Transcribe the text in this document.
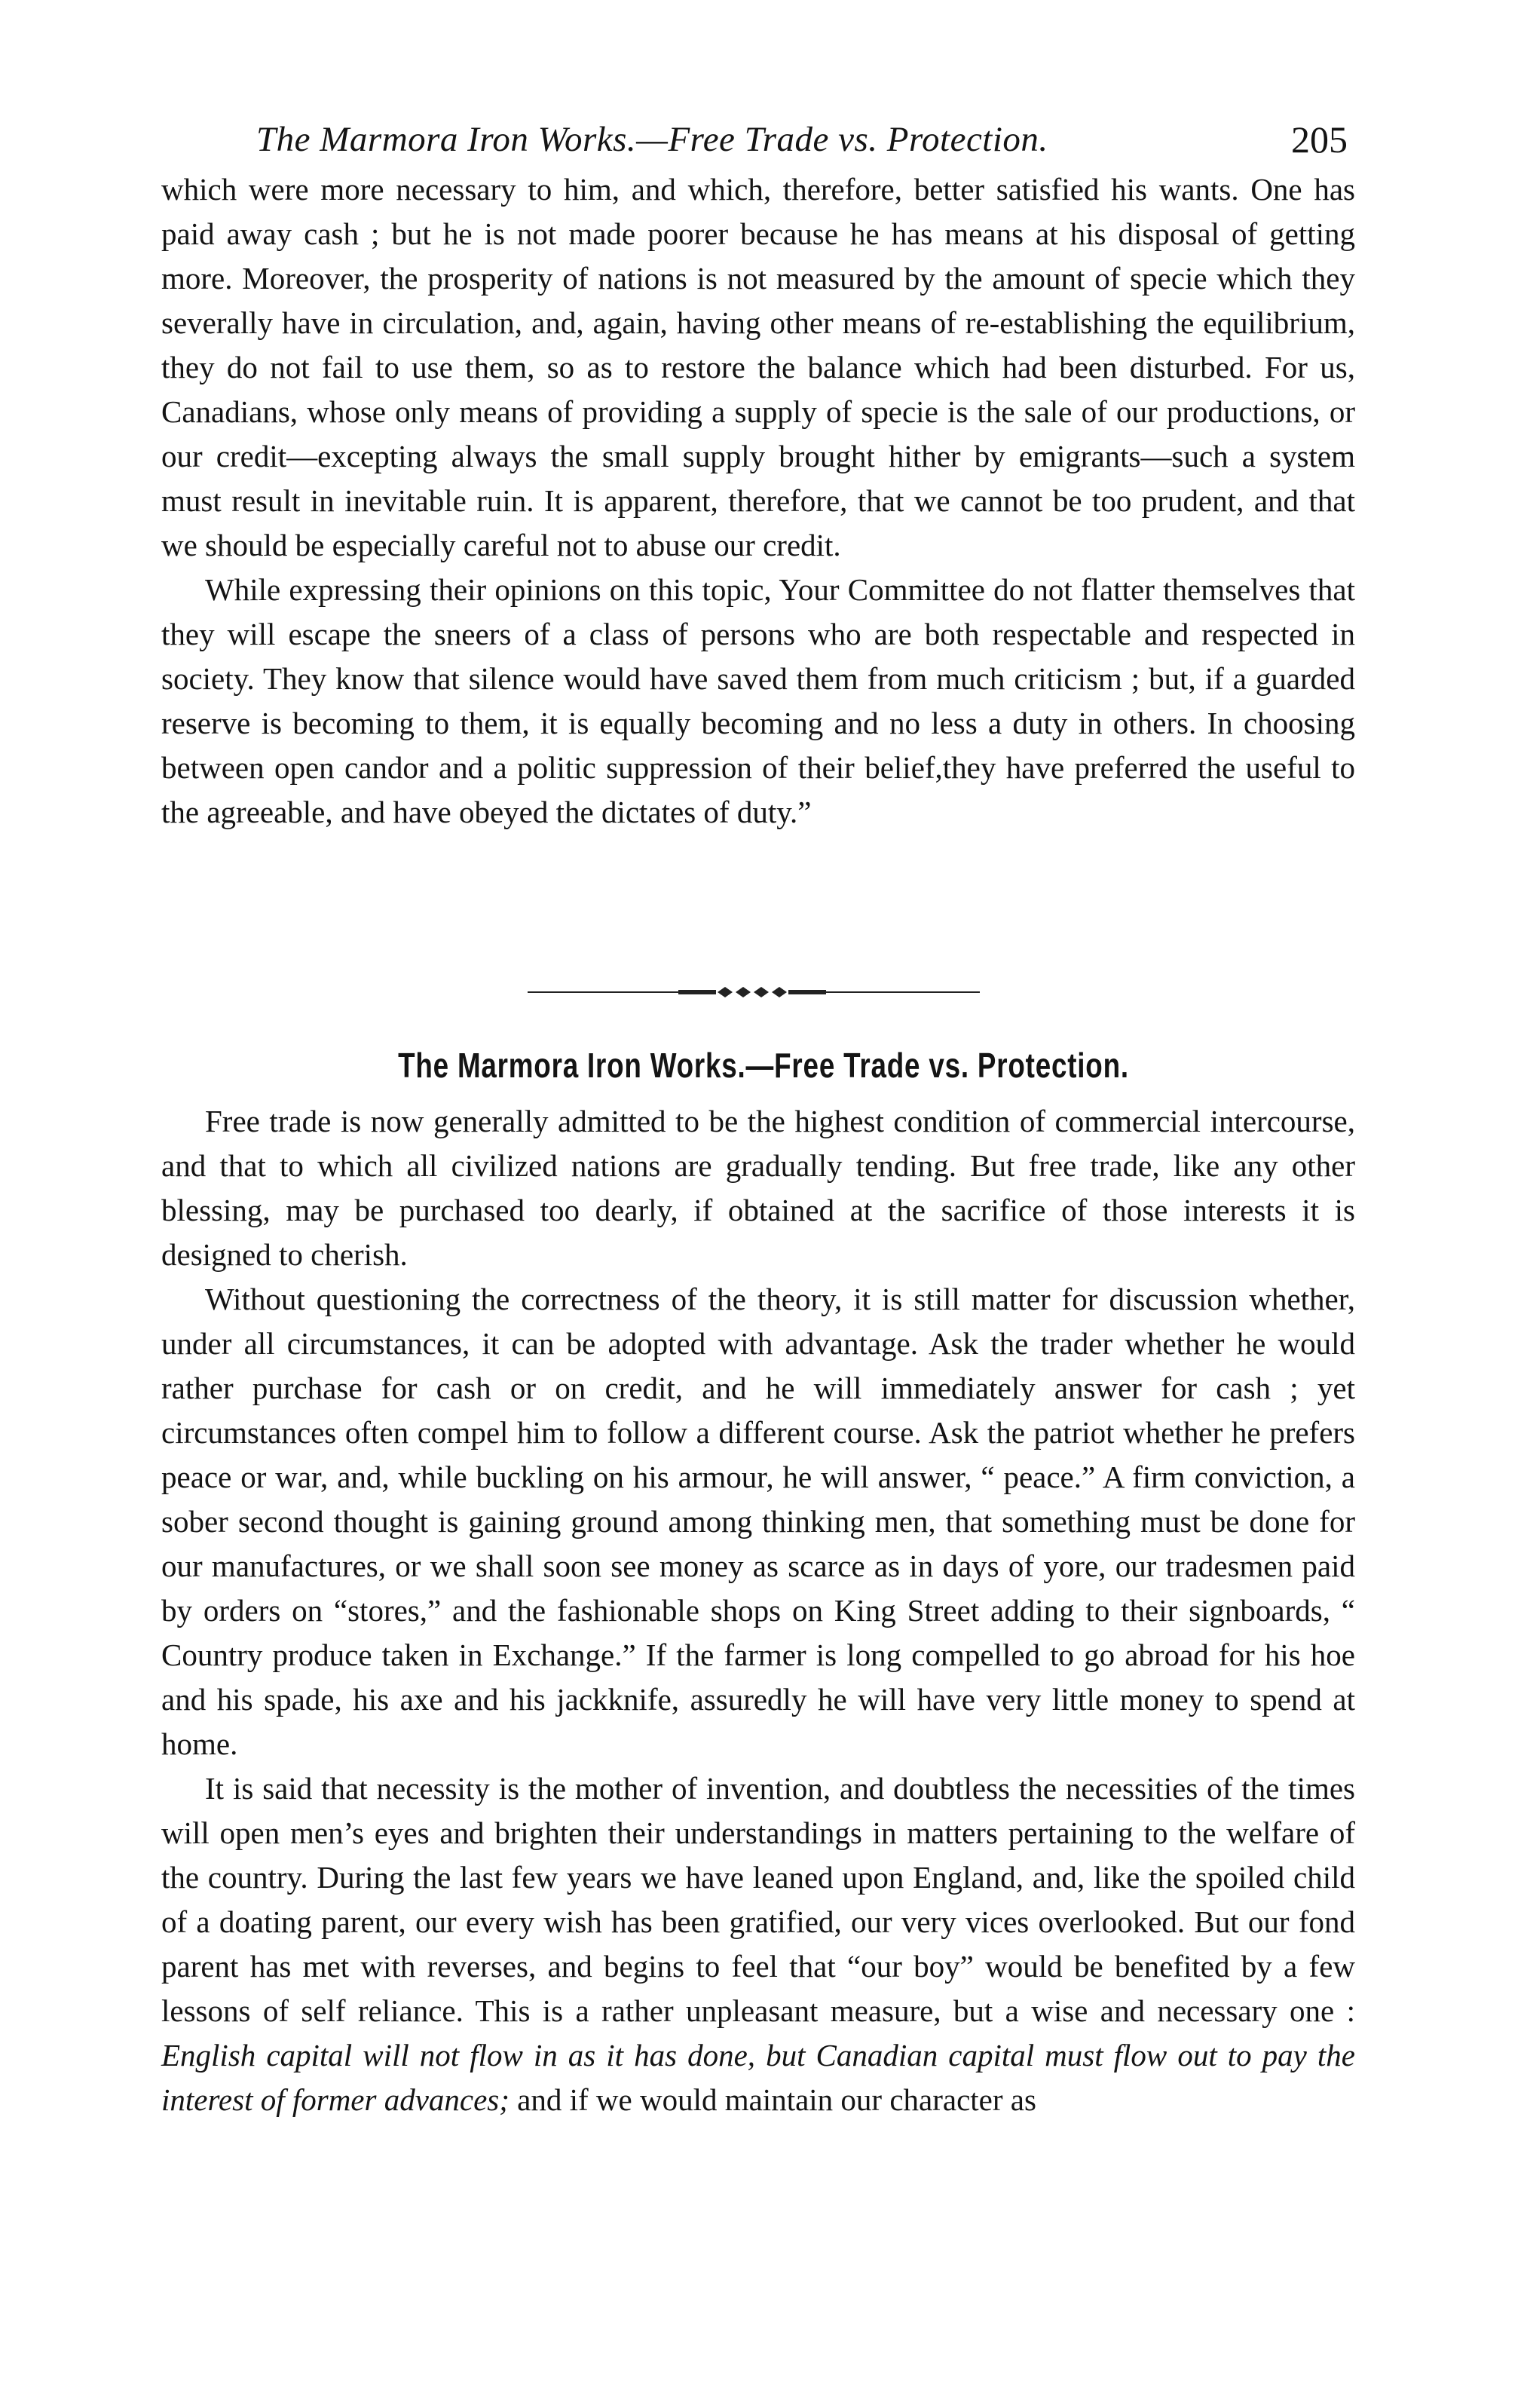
The Marmora Iron Works.—Free Trade vs. Protection.	205

which were more necessary to him, and which, therefore, better satisfied his wants. One has paid away cash ; but he is not made poorer because he has means at his disposal of getting more. Moreover, the prosperity of nations is not measured by the amount of specie which they severally have in circulation, and, again, having other means of re-establishing the equilibrium, they do not fail to use them, so as to restore the balance which had been disturbed. For us, Canadians, whose only means of providing a supply of specie is the sale of our productions, or our credit—excepting always the small supply brought hither by emigrants—such a system must result in inevitable ruin. It is apparent, therefore, that we cannot be too prudent, and that we should be especially careful not to abuse our credit.

While expressing their opinions on this topic, Your Committee do not flatter themselves that they will escape the sneers of a class of persons who are both respectable and respected in society. They know that silence would have saved them from much criticism ; but, if a guarded reserve is becoming to them, it is equally becoming and no less a duty in others. In choosing between open candor and a politic suppression of their belief,they have preferred the useful to the agreeable, and have obeyed the dictates of duty.”

The Marmora Iron Works.—Free Trade vs. Protection.

Free trade is now generally admitted to be the highest condition of commercial intercourse, and that to which all civilized nations are gradually tending. But free trade, like any other blessing, may be purchased too dearly, if obtained at the sacrifice of those interests it is designed to cherish.

Without questioning the correctness of the theory, it is still matter for discussion whether, under all circumstances, it can be adopted with advantage. Ask the trader whether he would rather purchase for cash or on credit, and he will immediately answer for cash ; yet circumstances often compel him to follow a different course. Ask the patriot whether he prefers peace or war, and, while buckling on his armour, he will answer, “ peace.” A firm conviction, a sober second thought is gaining ground among thinking men, that something must be done for our manufactures, or we shall soon see money as scarce as in days of yore, our tradesmen paid by orders on “stores,” and the fashionable shops on King Street adding to their signboards, “ Country produce taken in Exchange.” If the farmer is long compelled to go abroad for his hoe and his spade, his axe and his jackknife, assuredly he will have very little money to spend at home.

It is said that necessity is the mother of invention, and doubtless the necessities of the times will open men’s eyes and brighten their understandings in matters pertaining to the welfare of the country. During the last few years we have leaned upon England, and, like the spoiled child of a doating parent, our every wish has been gratified, our very vices overlooked. But our fond parent has met with reverses, and begins to feel that “our boy” would be benefited by a few lessons of self reliance. This is a rather unpleasant measure, but a wise and necessary one : English capital will not flow in as it has done, but Canadian capital must flow out to pay the interest of former advances; and if we would maintain our character as
